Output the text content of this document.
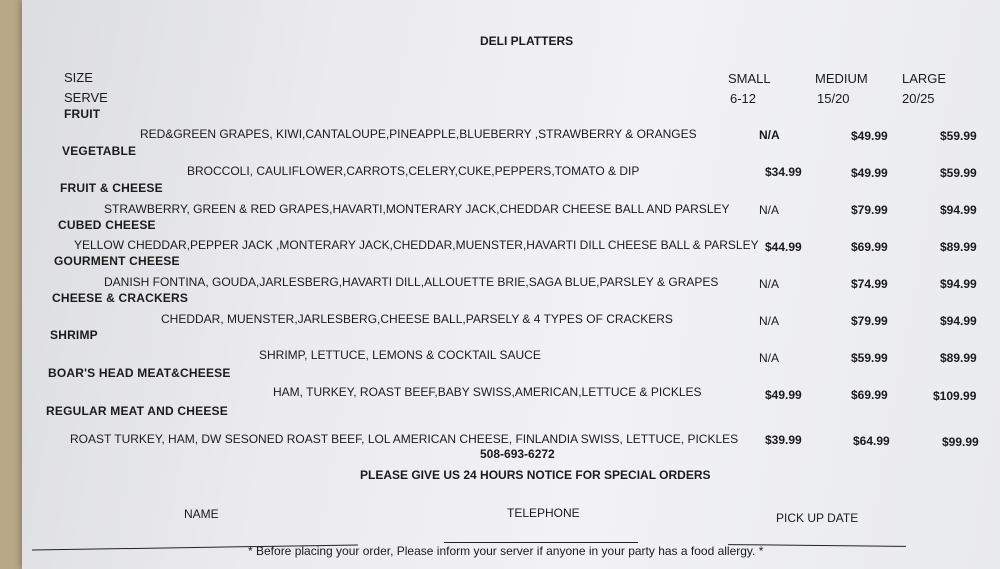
DELI PLATTERS
SIZE
SERVE
SMALL	MEDIUM	LARGE
6-12	15/20	20/25
FRUIT
RED&GREEN GRAPES, KIWI,CANTALOUPE,PINEAPPLE,BLUEBERRY ,STRAWBERRY & ORANGES	N/A	$49.99	$59.99
VEGETABLE
BROCCOLI, CAULIFLOWER,CARROTS,CELERY,CUKE,PEPPERS,TOMATO & DIP	$34.99	$49.99	$59.99
FRUIT & CHEESE
STRAWBERRY, GREEN & RED GRAPES,HAVARTI,MONTERARY JACK,CHEDDAR CHEESE BALL AND PARSLEY N/A	$79.99	$94.99
CUBED CHEESE
YELLOW CHEDDAR,PEPPER JACK ,MONTERARY JACK,CHEDDAR,MUENSTER,HAVARTI DILL CHEESE BALL & PARSLEY $44.99	$69.99	$89.99
GOURMENT CHEESE
DANISH FONTINA, GOUDA,JARLESBERG,HAVARTI DILL,ALLOUETTE BRIE,SAGA BLUE,PARSLEY & GRAPES	N/A	$74.99	$94.99
CHEESE & CRACKERS
CHEDDAR, MUENSTER,JARLESBERG,CHEESE BALL,PARSELY & 4 TYPES OF CRACKERS	N/A	$79.99	$94.99
SHRIMP
SHRIMP, LETTUCE, LEMONS & COCKTAIL SAUCE	N/A	$59.99	$89.99
BOAR'S HEAD MEAT&CHEESE
HAM, TURKEY, ROAST BEEF,BABY SWISS,AMERICAN,LETTUCE & PICKLES	$49.99	$69.99	$109.99
REGULAR MEAT AND CHEESE
ROAST TURKEY, HAM, DW SESONED ROAST BEEF, LOL AMERICAN CHEESE, FINLANDIA SWISS, LETTUCE, PICKLES $39.99	$64.99	$99.99
508-693-6272
PLEASE GIVE US 24 HOURS NOTICE FOR SPECIAL ORDERS
NAME	TELEPHONE	PICK UP DATE
* Before placing your order, Please inform your server if anyone in your party has a food allergy. *
